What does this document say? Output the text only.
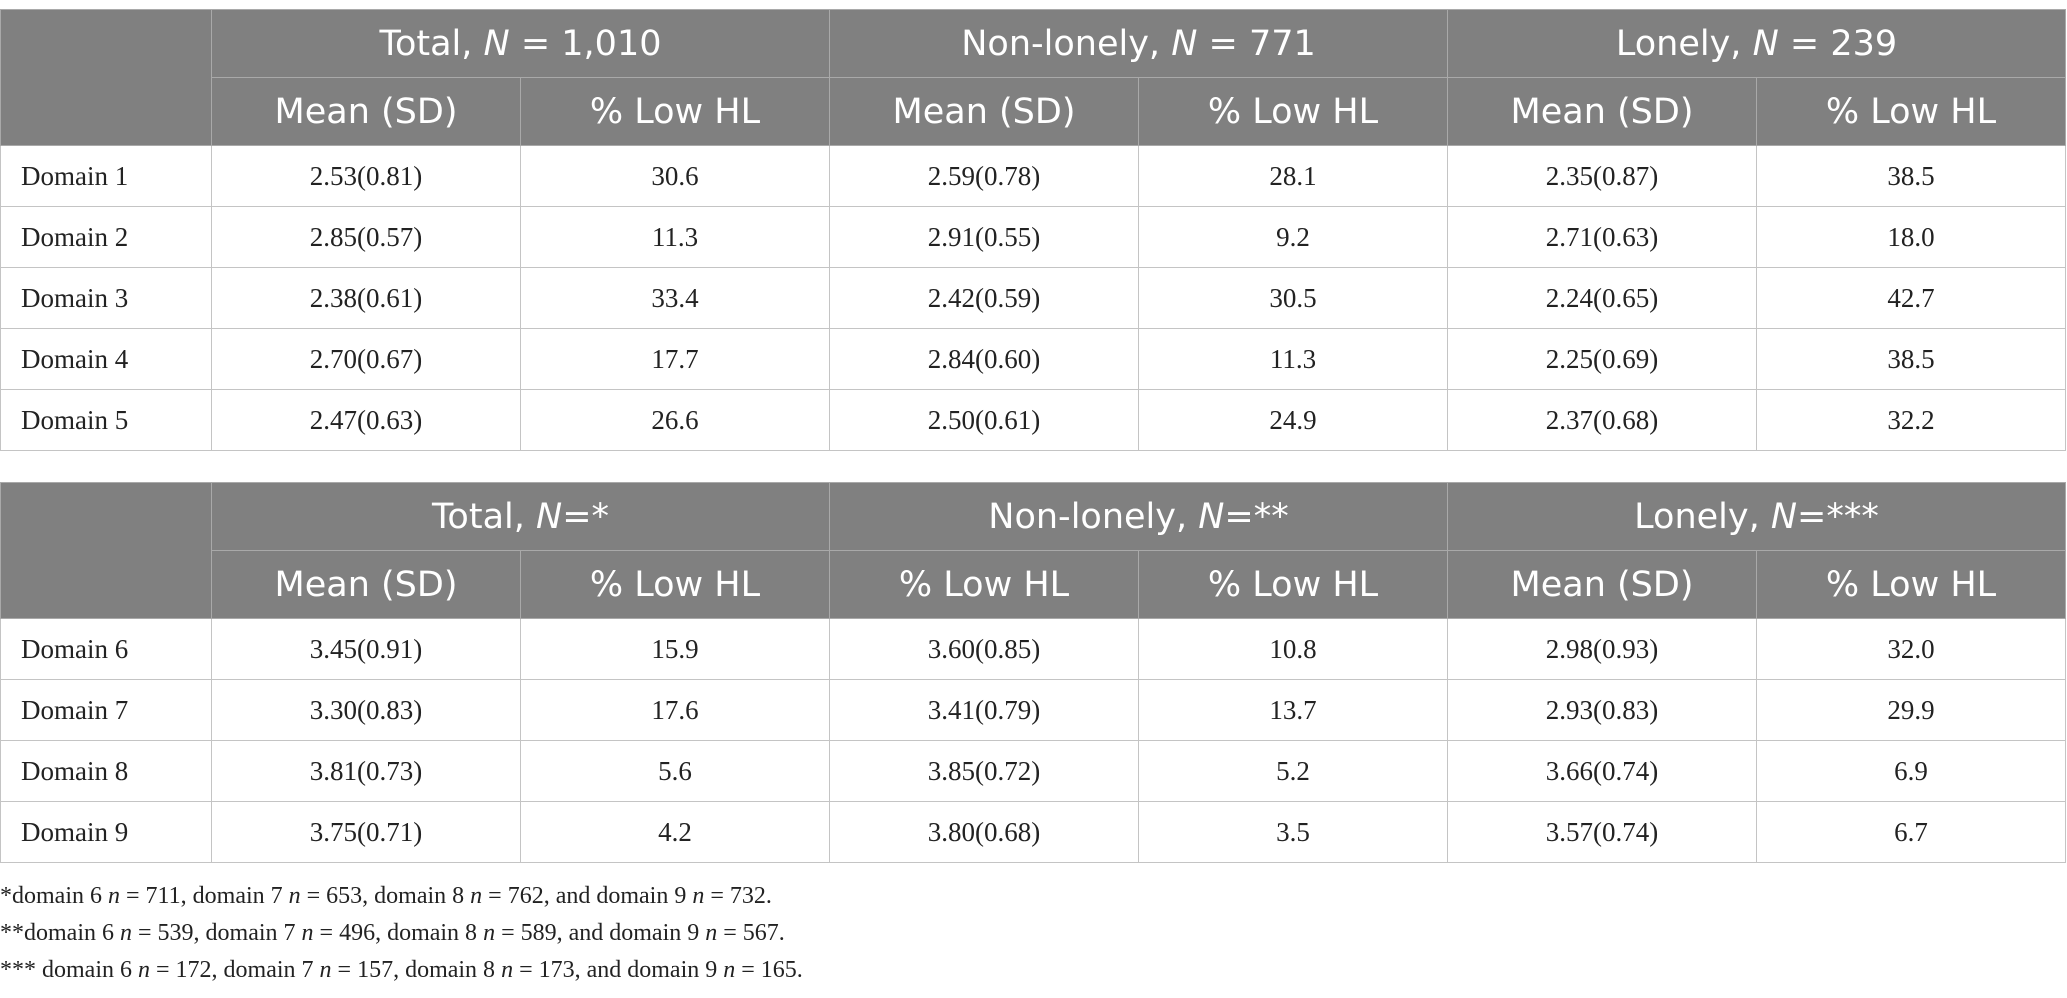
	Total, N = 1,010		Non-lonely, N = 771		Lonely, N = 239	
	Mean (SD)	% Low HL	Mean (SD)	% Low HL	Mean (SD)	% Low HL
Domain 1	2.53(0.81)	30.6	2.59(0.78)	28.1	2.35(0.87)	38.5
Domain 2	2.85(0.57)	11.3	2.91(0.55)	9.2	2.71(0.63)	18.0
Domain 3	2.38(0.61)	33.4	2.42(0.59)	30.5	2.24(0.65)	42.7
Domain 4	2.70(0.67)	17.7	2.84(0.60)	11.3	2.25(0.69)	38.5
Domain 5	2.47(0.63)	26.6	2.50(0.61)	24.9	2.37(0.68)	32.2
	Total, N=*		Non-lonely, N=**		Lonely, N=***	
	Mean (SD)	% Low HL	% Low HL	% Low HL	Mean (SD)	% Low HL
Domain 6	3.45(0.91)	15.9	3.60(0.85)	10.8	2.98(0.93)	32.0
Domain 7	3.30(0.83)	17.6	3.41(0.79)	13.7	2.93(0.83)	29.9
Domain 8	3.81(0.73)	5.6	3.85(0.72)	5.2	3.66(0.74)	6.9
Domain 9	3.75(0.71)	4.2	3.80(0.68)	3.5	3.57(0.74)	6.7
*domain 6 n = 711, domain 7 n = 653, domain 8 n = 762, and domain 9 n = 732.
**domain 6 n = 539, domain 7 n = 496, domain 8 n = 589, and domain 9 n = 567.
*** domain 6 n = 172, domain 7 n = 157, domain 8 n = 173, and domain 9 n = 165.
